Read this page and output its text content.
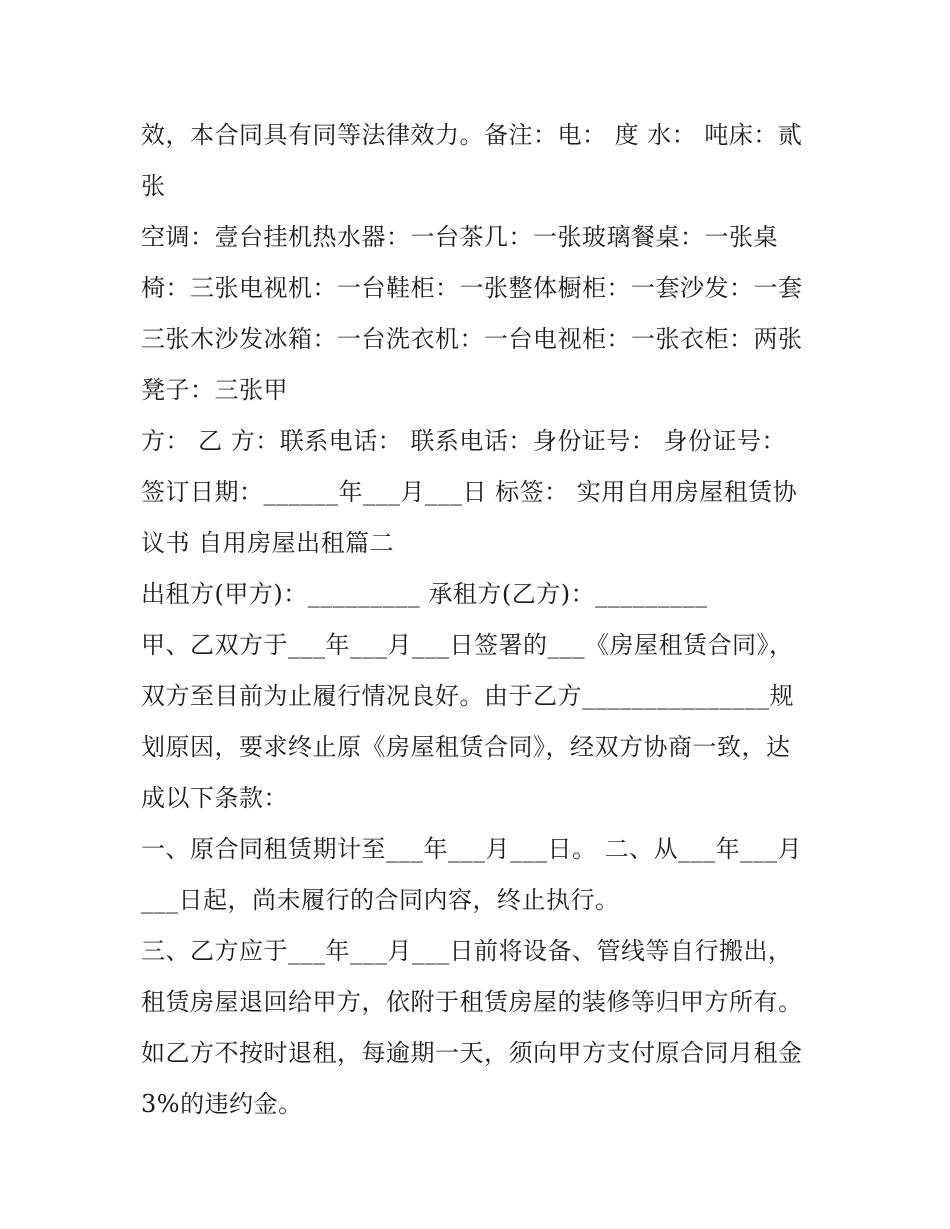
效，本合同具有同等法律效力。备注：电： 度 水： 吨床：贰
张
空调：壹台挂机热水器：一台茶几：一张玻璃餐桌：一张桌
椅：三张电视机：一台鞋柜：一张整体橱柜：一套沙发：一套
三张木沙发冰箱：一台洗衣机：一台电视柜：一张衣柜：两张
凳子：三张甲
方： 乙 方：联系电话： 联系电话：身份证号： 身份证号：
签订日期：______年___月___日 标签： 实用自用房屋租赁协
议书 自用房屋出租篇二
出租方(甲方)：_________ 承租方(乙方)：_________
甲、乙双方于___年___月___日签署的___《房屋租赁合同》，
双方至目前为止履行情况良好。由于乙方_______________规
划原因，要求终止原《房屋租赁合同》，经双方协商一致，达
成以下条款：
一、原合同租赁期计至___年___月___日。 二、从___年___月
___日起，尚未履行的合同内容，终止执行。
三、乙方应于___年___月___日前将设备、管线等自行搬出，
租赁房屋退回给甲方，依附于租赁房屋的装修等归甲方所有。
如乙方不按时退租，每逾期一天，须向甲方支付原合同月租金
3%的违约金。
